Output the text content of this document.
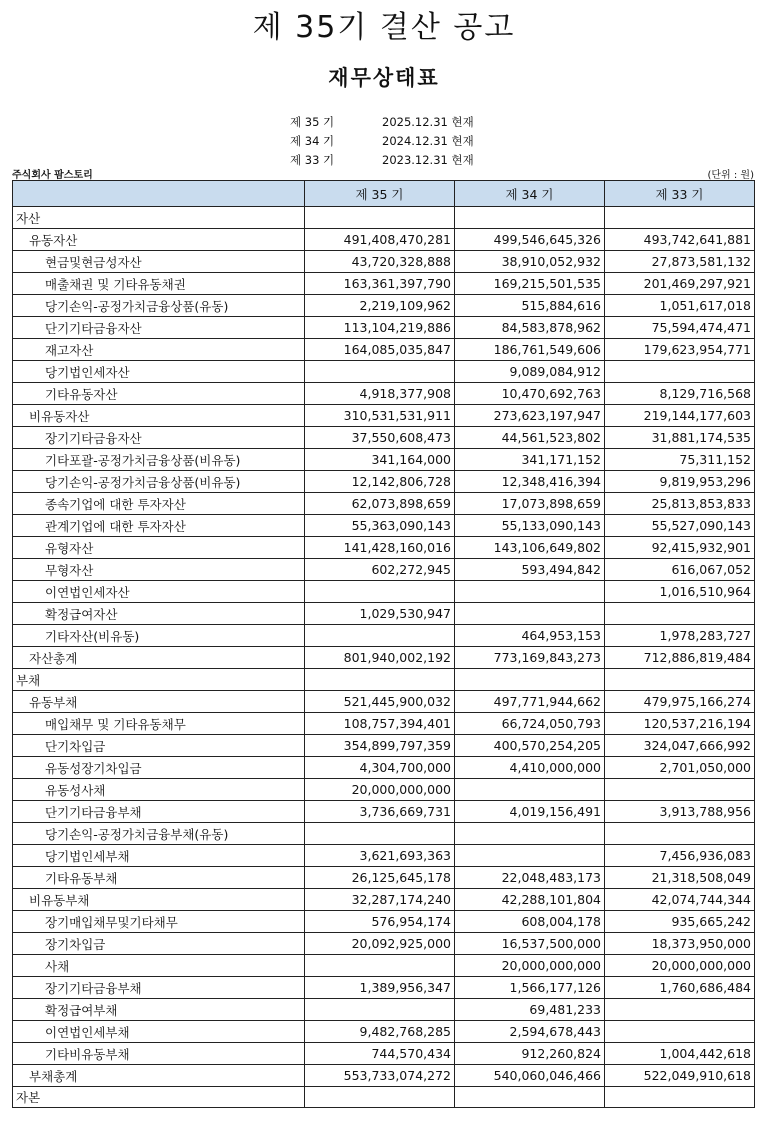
제 35기 결산 공고
재무상태표
제 35 기	2025.12.31 현재
제 34 기	2024.12.31 현재
제 33 기	2023.12.31 현재
주식회사 팜스토리	(단위 : 원)
	제 35 기	제 34 기	제 33 기
자산			
유동자산	491,408,470,281	499,546,645,326	493,742,641,881
현금및현금성자산	43,720,328,888	38,910,052,932	27,873,581,132
매출채권 및 기타유동채권	163,361,397,790	169,215,501,535	201,469,297,921
당기손익-공정가치금융상품(유동)	2,219,109,962	515,884,616	1,051,617,018
단기기타금융자산	113,104,219,886	84,583,878,962	75,594,474,471
재고자산	164,085,035,847	186,761,549,606	179,623,954,771
당기법인세자산		9,089,084,912	
기타유동자산	4,918,377,908	10,470,692,763	8,129,716,568
비유동자산	310,531,531,911	273,623,197,947	219,144,177,603
장기기타금융자산	37,550,608,473	44,561,523,802	31,881,174,535
기타포괄-공정가치금융상품(비유동)	341,164,000	341,171,152	75,311,152
당기손익-공정가치금융상품(비유동)	12,142,806,728	12,348,416,394	9,819,953,296
종속기업에 대한 투자자산	62,073,898,659	17,073,898,659	25,813,853,833
관계기업에 대한 투자자산	55,363,090,143	55,133,090,143	55,527,090,143
유형자산	141,428,160,016	143,106,649,802	92,415,932,901
무형자산	602,272,945	593,494,842	616,067,052
이연법인세자산			1,016,510,964
확정급여자산	1,029,530,947		
기타자산(비유동)		464,953,153	1,978,283,727
자산총계	801,940,002,192	773,169,843,273	712,886,819,484
부채			
유동부채	521,445,900,032	497,771,944,662	479,975,166,274
매입채무 및 기타유동채무	108,757,394,401	66,724,050,793	120,537,216,194
단기차입금	354,899,797,359	400,570,254,205	324,047,666,992
유동성장기차입금	4,304,700,000	4,410,000,000	2,701,050,000
유동성사채	20,000,000,000		
단기기타금융부채	3,736,669,731	4,019,156,491	3,913,788,956
당기손익-공정가치금융부채(유동)			
당기법인세부채	3,621,693,363		7,456,936,083
기타유동부채	26,125,645,178	22,048,483,173	21,318,508,049
비유동부채	32,287,174,240	42,288,101,804	42,074,744,344
장기매입채무및기타채무	576,954,174	608,004,178	935,665,242
장기차입금	20,092,925,000	16,537,500,000	18,373,950,000
사채		20,000,000,000	20,000,000,000
장기기타금융부채	1,389,956,347	1,566,177,126	1,760,686,484
확정급여부채		69,481,233	
이연법인세부채	9,482,768,285	2,594,678,443	
기타비유동부채	744,570,434	912,260,824	1,004,442,618
부채총계	553,733,074,272	540,060,046,466	522,049,910,618
자본			
